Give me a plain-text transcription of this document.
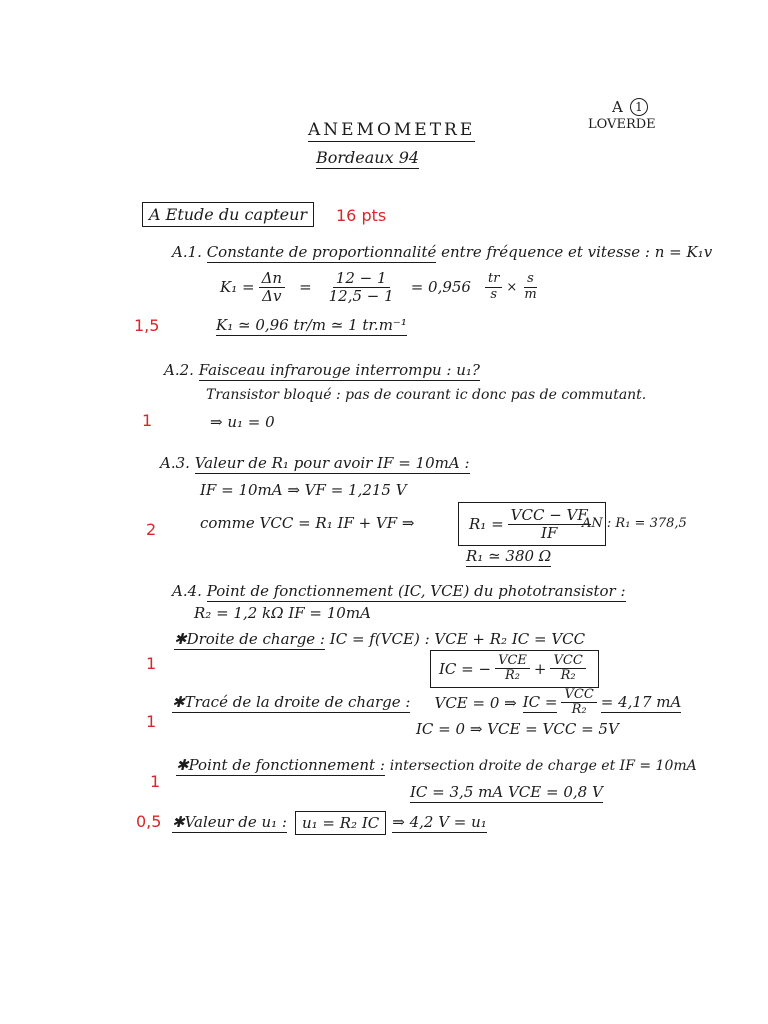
ANEMOMETRE
Bordeaux 94
A	1
LOVERDE
A Etude du capteur	16 pts
A.1. Constante de proportionnalité entre fréquence et vitesse : n = K₁v
$K_1 = \frac{\Delta n}{\Delta v} = \frac{12 - 1}{12,5 - 1} = 0,956 \frac{tr}{s} \times \frac{s}{m}$
K₁ ≃ 0,96 tr/m ≃ 1 tr.m⁻¹
1,5
A.2. Faisceau infrarouge interrompu : u₁?
Transistor bloqué : pas de courant ic donc pas de commutant.
⇒ u₁ = 0
1
A.3. Valeur de R₁ pour avoir IF = 10mA :
IF = 10mA ⇒ VF = 1,215 V
comme VCC = R₁ IF + VF ⇒	$R_1 = \frac{\text{VCC − VF}}{IF}$
AN : R₁ = 378,5
R₁ ≃ 380 Ω
2
A.4. Point de fonctionnement (IC, VCE) du phototransistor :
R₂ = 1,2 kΩ IF = 10mA
✱Droite de charge : IC = f(VCE) : VCE + R₂ IC = VCC
IC = − $\frac{\text{VCE}}{\text{R₂}} + \frac{\text{VCC}}{\text{R₂}}$
1
✱Tracé de la droite de charge : VCE = 0 ⇒ IC = $\frac{\text{VCC}}{\text{R₂}} = 4,17$ mA
IC = 0 ⇒ VCE = VCC = 5V
1
✱Point de fonctionnement : intersection droite de charge et IF = 10mA
IC = 3,5 mA VCE = 0,8 V
1
✱Valeur de u₁ :	u₁ = R₂ IC ⇒ 4,2 V = u₁
0,5
